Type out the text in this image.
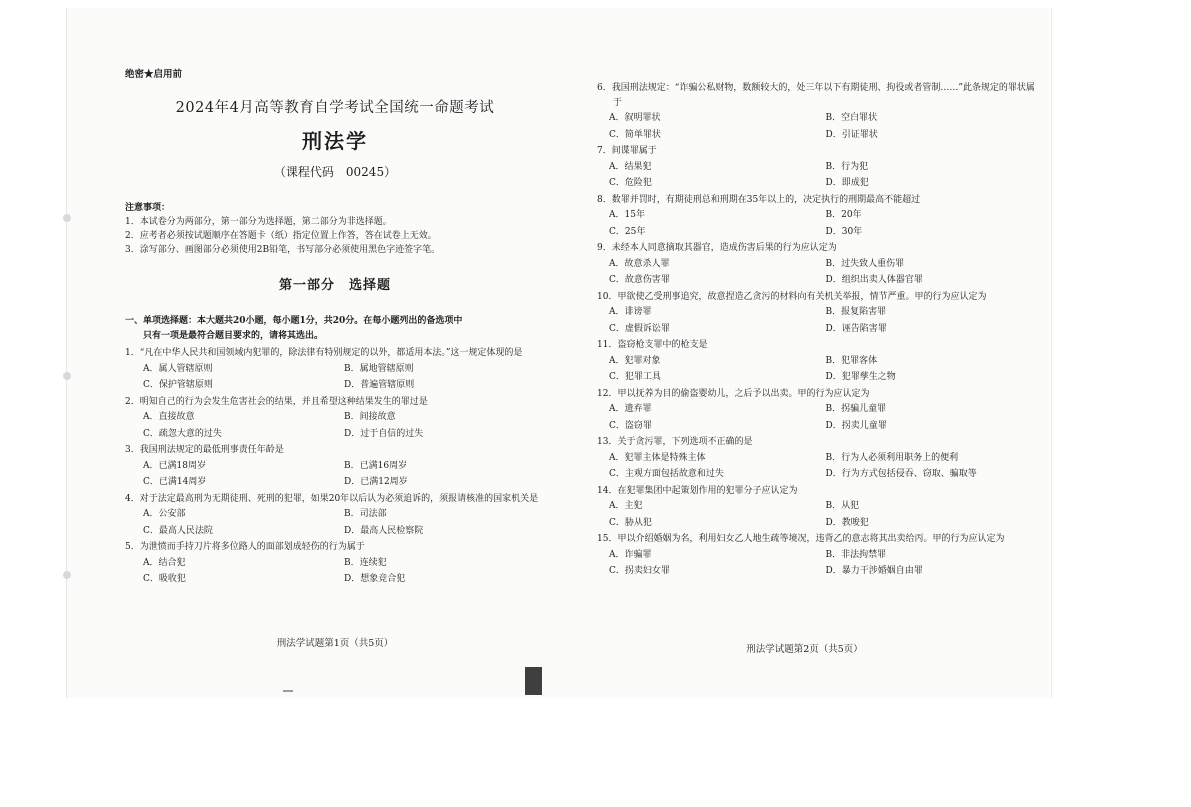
绝密★启用前
2024年4月高等教育自学考试全国统一命题考试
刑法学
（课程代码　00245）
注意事项：
1．本试卷分为两部分，第一部分为选择题，第二部分为非选择题。
2．应考者必须按试题顺序在答题卡（纸）指定位置上作答，答在试卷上无效。
3．涂写部分、画图部分必须使用2B铅笔，书写部分必须使用黑色字迹签字笔。
第一部分　选择题
一、单项选择题：本大题共20小题，每小题1分，共20分。在每小题列出的备选项中
只有一项是最符合题目要求的，请将其选出。
1．“凡在中华人民共和国领域内犯罪的，除法律有特别规定的以外，都适用本法。”这一规定体现的是
A．属人管辖原则	B．属地管辖原则
C．保护管辖原则	D．普遍管辖原则
2．明知自己的行为会发生危害社会的结果，并且希望这种结果发生的罪过是
A．直接故意	B．间接故意
C．疏忽大意的过失	D．过于自信的过失
3．我国刑法规定的最低刑事责任年龄是
A．已满18周岁	B．已满16周岁
C．已满14周岁	D．已满12周岁
4．对于法定最高刑为无期徒刑、死刑的犯罪，如果20年以后认为必须追诉的，须报请核准的国家机关是
A．公安部	B．司法部
C．最高人民法院	D．最高人民检察院
5．为泄愤而手持刀片将多位路人的面部划成轻伤的行为属于
A．结合犯	B．连续犯
C．吸收犯	D．想象竞合犯
刑法学试题第1页（共5页）
6．我国刑法规定：“诈骗公私财物，数额较大的，处三年以下有期徒刑、拘役或者管制……”此条规定的罪状属于
A．叙明罪状	B．空白罪状
C．简单罪状	D．引证罪状
7．间谍罪属于
A．结果犯	B．行为犯
C．危险犯	D．即成犯
8．数罪并罚时，有期徒刑总和刑期在35年以上的，决定执行的刑期最高不能超过
A．15年	B．20年
C．25年	D．30年
9．未经本人同意摘取其器官，造成伤害后果的行为应认定为
A．故意杀人罪	B．过失致人重伤罪
C．故意伤害罪	D．组织出卖人体器官罪
10．甲欲使乙受刑事追究，故意捏造乙贪污的材料向有关机关举报，情节严重。甲的行为应认定为
A．诽谤罪	B．报复陷害罪
C．虚假诉讼罪	D．诬告陷害罪
11．盗窃枪支罪中的枪支是
A．犯罪对象	B．犯罪客体
C．犯罪工具	D．犯罪孳生之物
12．甲以抚养为目的偷盗婴幼儿，之后予以出卖。甲的行为应认定为
A．遗弃罪	B．拐骗儿童罪
C．盗窃罪	D．拐卖儿童罪
13．关于贪污罪，下列选项不正确的是
A．犯罪主体是特殊主体	B．行为人必须利用职务上的便利
C．主观方面包括故意和过失	D．行为方式包括侵吞、窃取、骗取等
14．在犯罪集团中起策划作用的犯罪分子应认定为
A．主犯	B．从犯
C．胁从犯	D．教唆犯
15．甲以介绍婚姻为名，利用妇女乙人地生疏等境况，违背乙的意志将其出卖给丙。甲的行为应认定为
A．诈骗罪	B．非法拘禁罪
C．拐卖妇女罪	D．暴力干涉婚姻自由罪
刑法学试题第2页（共5页）
